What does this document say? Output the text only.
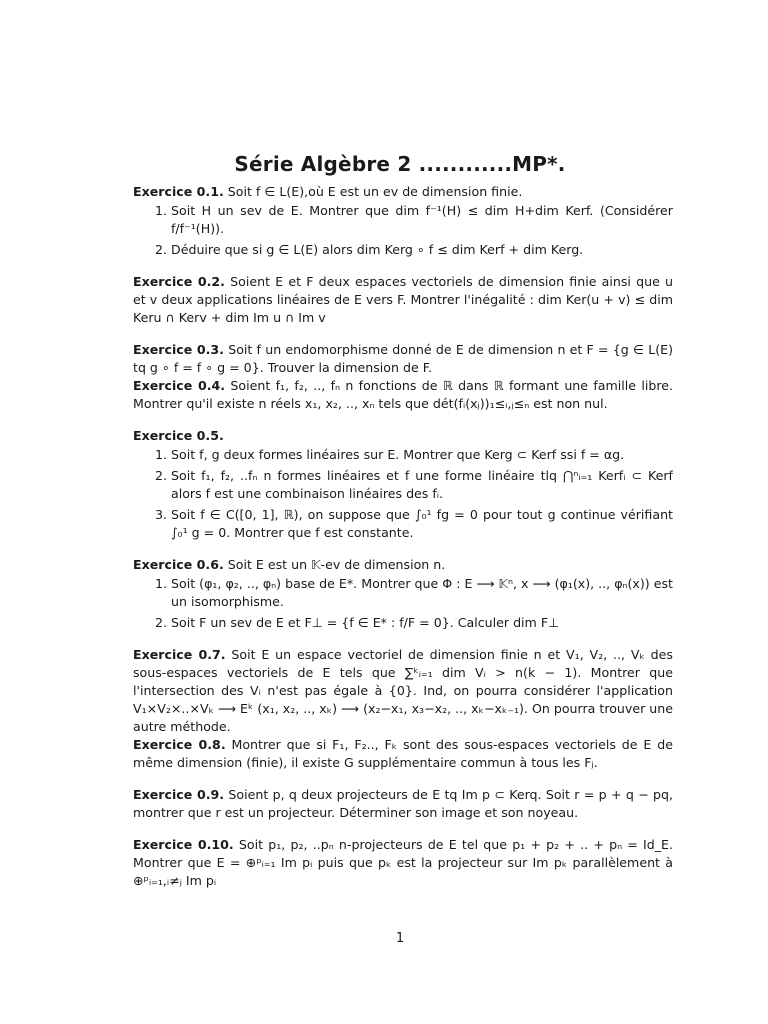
Série Algèbre 2 ............MP*.
Exercice 0.1. Soit f ∈ L(E),où E est un ev de dimension finie.
1. Soit H un sev de E. Montrer que dim f⁻¹(H) ≤ dim H+dim Kerf. (Considérer f/f⁻¹(H)).
2. Déduire que si g ∈ L(E) alors dim Kerg ∘ f ≤ dim Kerf + dim Kerg.
Exercice 0.2. Soient E et F deux espaces vectoriels de dimension finie ainsi que u et v deux applications linéaires de E vers F. Montrer l'inégalité : dim Ker(u + v) ≤ dim Keru ∩ Kerv + dim Im u ∩ Im v
Exercice 0.3. Soit f un endomorphisme donné de E de dimension n et F = {g ∈ L(E) tq g ∘ f = f ∘ g = 0}. Trouver la dimension de F.
Exercice 0.4. Soient f₁, f₂, .., fₙ n fonctions de ℝ dans ℝ formant une famille libre. Montrer qu'il existe n réels x₁, x₂, .., xₙ tels que dét(fᵢ(xⱼ))₁≤ᵢ,ⱼ≤ₙ est non nul.
Exercice 0.5.
1. Soit f, g deux formes linéaires sur E. Montrer que Kerg ⊂ Kerf ssi f = αg.
2. Soit f₁, f₂, ..fₙ n formes linéaires et f une forme linéaire tlq ⋂ⁿᵢ₌₁ Kerfᵢ ⊂ Kerf alors f est une combinaison linéaires des fᵢ.
3. Soit f ∈ C([0, 1], ℝ), on suppose que ∫₀¹ fg = 0 pour tout g continue vérifiant ∫₀¹ g = 0. Montrer que f est constante.
Exercice 0.6. Soit E est un 𝕂-ev de dimension n.
1. Soit (φ₁, φ₂, .., φₙ) base de E*. Montrer que Φ : E ⟶ 𝕂ⁿ, x ⟶ (φ₁(x), .., φₙ(x)) est un isomorphisme.
2. Soit F un sev de E et F⊥ = {f ∈ E* : f/F = 0}. Calculer dim F⊥
Exercice 0.7. Soit E un espace vectoriel de dimension finie n et V₁, V₂, .., Vₖ des sous-espaces vectoriels de E tels que ∑ᵏᵢ₌₁ dim Vᵢ > n(k − 1). Montrer que l'intersection des Vᵢ n'est pas égale à {0}. Ind, on pourra considérer l'application V₁×V₂×..×Vₖ ⟶ Eᵏ (x₁, x₂, .., xₖ) ⟶ (x₂−x₁, x₃−x₂, .., xₖ−xₖ₋₁). On pourra trouver une autre méthode.
Exercice 0.8. Montrer que si F₁, F₂.., Fₖ sont des sous-espaces vectoriels de E de même dimension (finie), il existe G supplémentaire commun à tous les Fⱼ.
Exercice 0.9. Soient p, q deux projecteurs de E tq Im p ⊂ Kerq. Soit r = p + q − pq, montrer que r est un projecteur. Déterminer son image et son noyeau.
Exercice 0.10. Soit p₁, p₂, ..pₙ n-projecteurs de E tel que p₁ + p₂ + .. + pₙ = Id_E. Montrer que E = ⊕ᵖᵢ₌₁ Im pᵢ puis que pₖ est la projecteur sur Im pₖ parallèlement à ⊕ᵖᵢ₌₁,ᵢ≠ⱼ Im pᵢ
1
